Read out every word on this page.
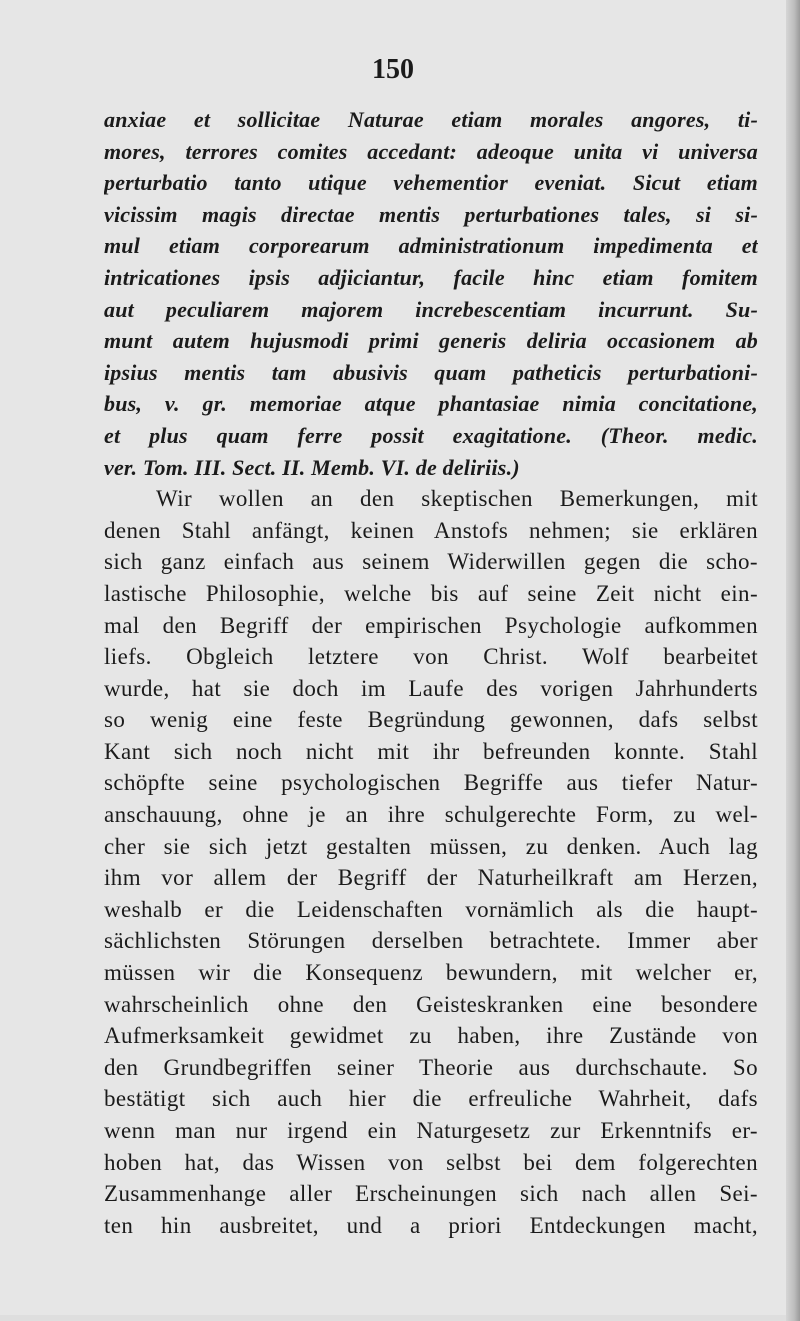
150
anxiae et sollicitae Naturae etiam morales angores, ti-
mores, terrores comites accedant: adeoque unita vi universa
perturbatio tanto utique vehementior eveniat. Sicut etiam
vicissim magis directae mentis perturbationes tales, si si-
mul etiam corporearum administrationum impedimenta et
intricationes ipsis adjiciantur, facile hinc etiam fomitem
aut peculiarem majorem increbescentiam incurrunt. Su-
munt autem hujusmodi primi generis deliria occasionem ab
ipsius mentis tam abusivis quam patheticis perturbationi-
bus, v. gr. memoriae atque phantasiae nimia concitatione,
et plus quam ferre possit exagitatione. (Theor. medic.
ver. Tom. III. Sect. II. Memb. VI. de deliriis.)
Wir wollen an den skeptischen Bemerkungen, mit
denen Stahl anfängt, keinen Anstofs nehmen; sie erklären
sich ganz einfach aus seinem Widerwillen gegen die scho-
lastische Philosophie, welche bis auf seine Zeit nicht ein-
mal den Begriff der empirischen Psychologie aufkommen
liefs. Obgleich letztere von Christ. Wolf bearbeitet
wurde, hat sie doch im Laufe des vorigen Jahrhunderts
so wenig eine feste Begründung gewonnen, dafs selbst
Kant sich noch nicht mit ihr befreunden konnte. Stahl
schöpfte seine psychologischen Begriffe aus tiefer Natur-
anschauung, ohne je an ihre schulgerechte Form, zu wel-
cher sie sich jetzt gestalten müssen, zu denken. Auch lag
ihm vor allem der Begriff der Naturheilkraft am Herzen,
weshalb er die Leidenschaften vornämlich als die haupt-
sächlichsten Störungen derselben betrachtete. Immer aber
müssen wir die Konsequenz bewundern, mit welcher er,
wahrscheinlich ohne den Geisteskranken eine besondere
Aufmerksamkeit gewidmet zu haben, ihre Zustände von
den Grundbegriffen seiner Theorie aus durchschaute. So
bestätigt sich auch hier die erfreuliche Wahrheit, dafs
wenn man nur irgend ein Naturgesetz zur Erkenntnifs er-
hoben hat, das Wissen von selbst bei dem folgerechten
Zusammenhange aller Erscheinungen sich nach allen Sei-
ten hin ausbreitet, und a priori Entdeckungen macht,
